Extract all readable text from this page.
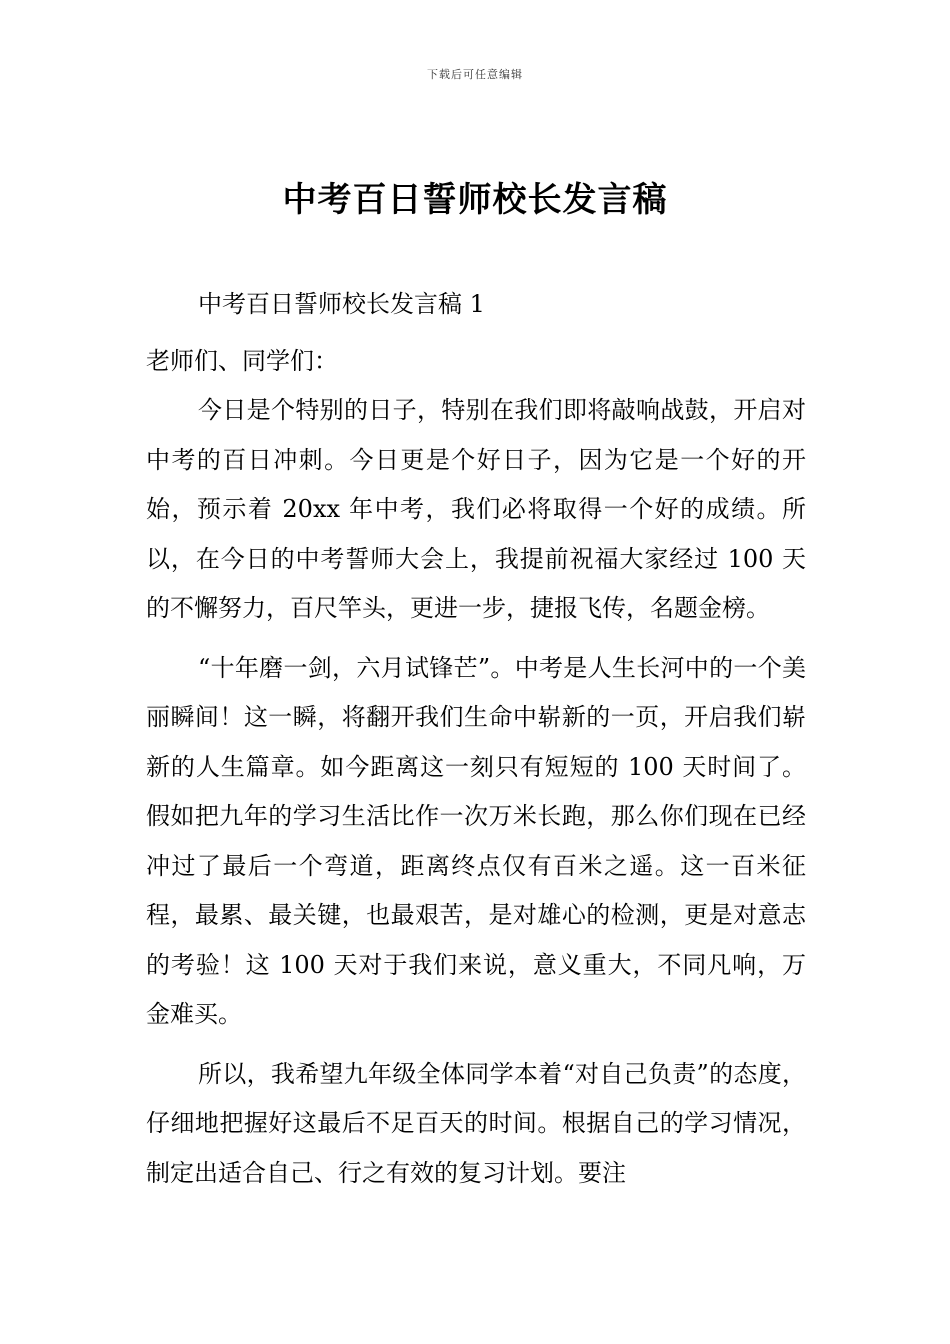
下载后可任意编辑
中考百日誓师校长发言稿

中考百日誓师校长发言稿 1

老师们、同学们：

今日是个特别的日子，特别在我们即将敲响战鼓，开启对中考的百日冲刺。今日更是个好日子，因为它是一个好的开始，预示着 20xx 年中考，我们必将取得一个好的成绩。所以，在今日的中考誓师大会上，我提前祝福大家经过 100 天的不懈努力，百尺竿头，更进一步，捷报飞传，名题金榜。

“十年磨一剑，六月试锋芒”。中考是人生长河中的一个美丽瞬间！这一瞬，将翻开我们生命中崭新的一页，开启我们崭新的人生篇章。如今距离这一刻只有短短的 100 天时间了。假如把九年的学习生活比作一次万米长跑，那么你们现在已经冲过了最后一个弯道，距离终点仅有百米之遥。这一百米征程，最累、最关键，也最艰苦，是对雄心的检测，更是对意志的考验！这 100 天对于我们来说，意义重大，不同凡响，万金难买。

所以，我希望九年级全体同学本着“对自己负责”的态度，仔细地把握好这最后不足百天的时间。根据自己的学习情况，制定出适合自己、行之有效的复习计划。要注
